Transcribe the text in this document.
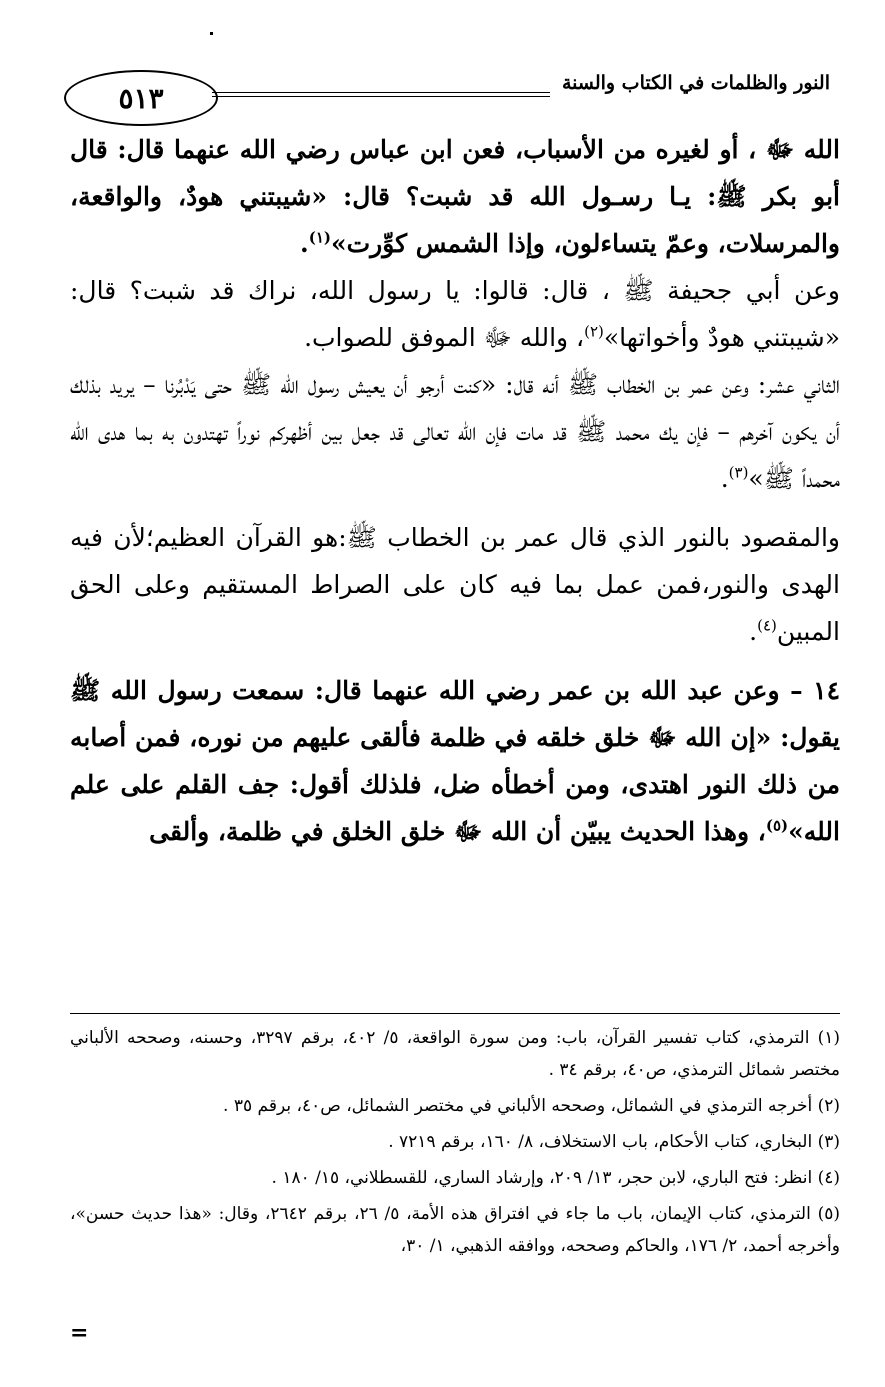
النور والظلمات في الكتاب والسنة
٥١٣

الله ﷻ ، أو لغيره من الأسباب، فعن ابن عباس رضي الله عنهما قال: قال أبو بكر ﷺ: يـا رسـول الله قد شبت؟ قال: «شيبتني هودٌ، والواقعة، والمرسلات، وعمّ يتساءلون، وإذا الشمس كوِّرت»$^{(١)}$.

وعن أبي جحيفة ﷺ ، قال: قالوا: يا رسول الله، نراك قد شبت؟ قال: «شيبتني هودٌ وأخواتها»$^{(٢)}$، والله ﷻ الموفق للصواب.

الثاني عشر: وعن عمر بن الخطاب ﷺ أنه قال: «كنت أرجو أن يعيش رسول الله ﷺ حتى يَدْبُرنا – يريد بذلك أن يكون آخرهم – فإن يك محمد ﷺ قد مات فإن الله تعالى قد جعل بين أظهركم نوراً تهتدون به بما هدى الله محمداً ﷺ»$^{(٣)}$.

والمقصود بالنور الذي قال عمر بن الخطاب ﷺ:هو القرآن العظيم؛لأن فيه الهدى والنور،فمن عمل بما فيه كان على الصراط المستقيم وعلى الحق المبين$^{(٤)}$.

١٤ – وعن عبد الله بن عمر رضي الله عنهما قال: سمعت رسول الله ﷺ يقول: «إن الله ﷻ خلق خلقه في ظلمة فألقى عليهم من نوره، فمن أصابه من ذلك النور اهتدى، ومن أخطأه ضل، فلذلك أقول: جف القلم على علم الله»$^{(٥)}$، وهذا الحديث يبيّن أن الله ﷻ خلق الخلق في ظلمة، وألقى

(١) الترمذي، كتاب تفسير القرآن، باب: ومن سورة الواقعة، ٥/ ٤٠٢، برقم ٣٢٩٧، وحسنه، وصححه الألباني مختصر شمائل الترمذي، ص٤٠، برقم ٣٤ .

(٢) أخرجه الترمذي في الشمائل، وصححه الألباني في مختصر الشمائل، ص٤٠، برقم ٣٥ .

(٣) البخاري، كتاب الأحكام، باب الاستخلاف، ٨/ ١٦٠، برقم ٧٢١٩ .

(٤) انظر: فتح الباري، لابن حجر، ١٣/ ٢٠٩، وإرشاد الساري، للقسطلاني، ١٥/ ١٨٠ .

(٥) الترمذي، كتاب الإيمان، باب ما جاء في افتراق هذه الأمة، ٥/ ٢٦، برقم ٢٦٤٢، وقال: «هذا حديث حسن»، وأخرجه أحمد، ٢/ ١٧٦، والحاكم وصححه، ووافقه الذهبي، ١/ ٣٠،

=
